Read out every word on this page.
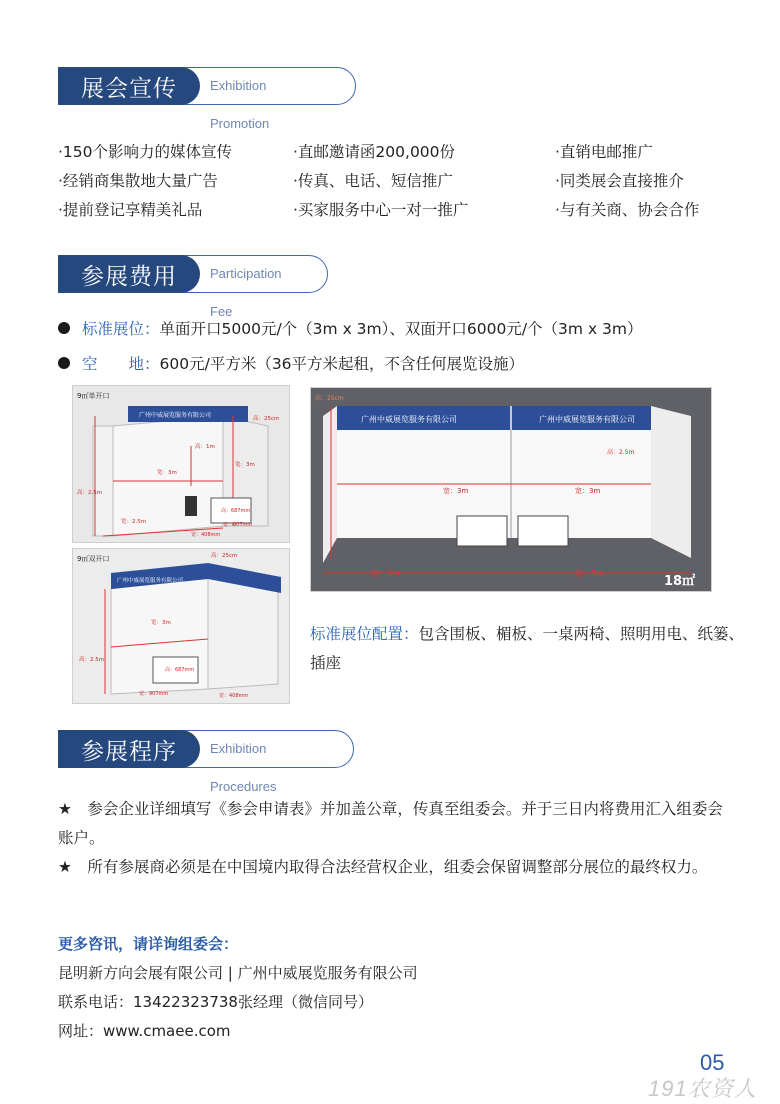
展会宣传	Exhibition Promotion
·150个影响力的媒体宣传	·直邮邀请函200,000份	·直销电邮推广
·经销商集散地大量广告	·传真、电话、短信推广	·同类展会直接推介
·提前登记享精美礼品	·买家服务中心一对一推广	·与有关商、协会合作
参展费用	Participation Fee
标准展位： 单面开口5000元/个（3m x 3m）、双面开口6000元/个（3m x 3m）
空　　地： 600元/平方米（36平方米起租，不含任何展览设施）
9㎡单开口
广州中威展览服务有限公司	高：25cm
高：1m
宽：3m
宽：3m
高：2.5m
高：687mm
宽：907mm
宽：408mm
宽：2.5m
9㎡双开口
广州中威展览服务有限公司
高：25cm
宽：3m
高：2.5m
高：687mm
宽：907mm	宽：408mm
高：25cm
广州中威展览服务有限公司	广州中威展览服务有限公司
高：2.5m
宽：3m	宽：3m
宽：3m	宽：3m
18㎡
标准展位配置：包含围板、楣板、一桌两椅、照明用电、纸篓、插座
参展程序	Exhibition Procedures

★　参会企业详细填写《参会申请表》并加盖公章，传真至组委会。并于三日内将费用汇入组委会账户。

★　所有参展商必须是在中国境内取得合法经营权企业，组委会保留调整部分展位的最终权力。

更多咨讯，请详询组委会：
昆明新方向会展有限公司 | 广州中威展览服务有限公司
联系电话：13422323738张经理（微信同号）
网址：www.cmaee.com
05
191农资人
